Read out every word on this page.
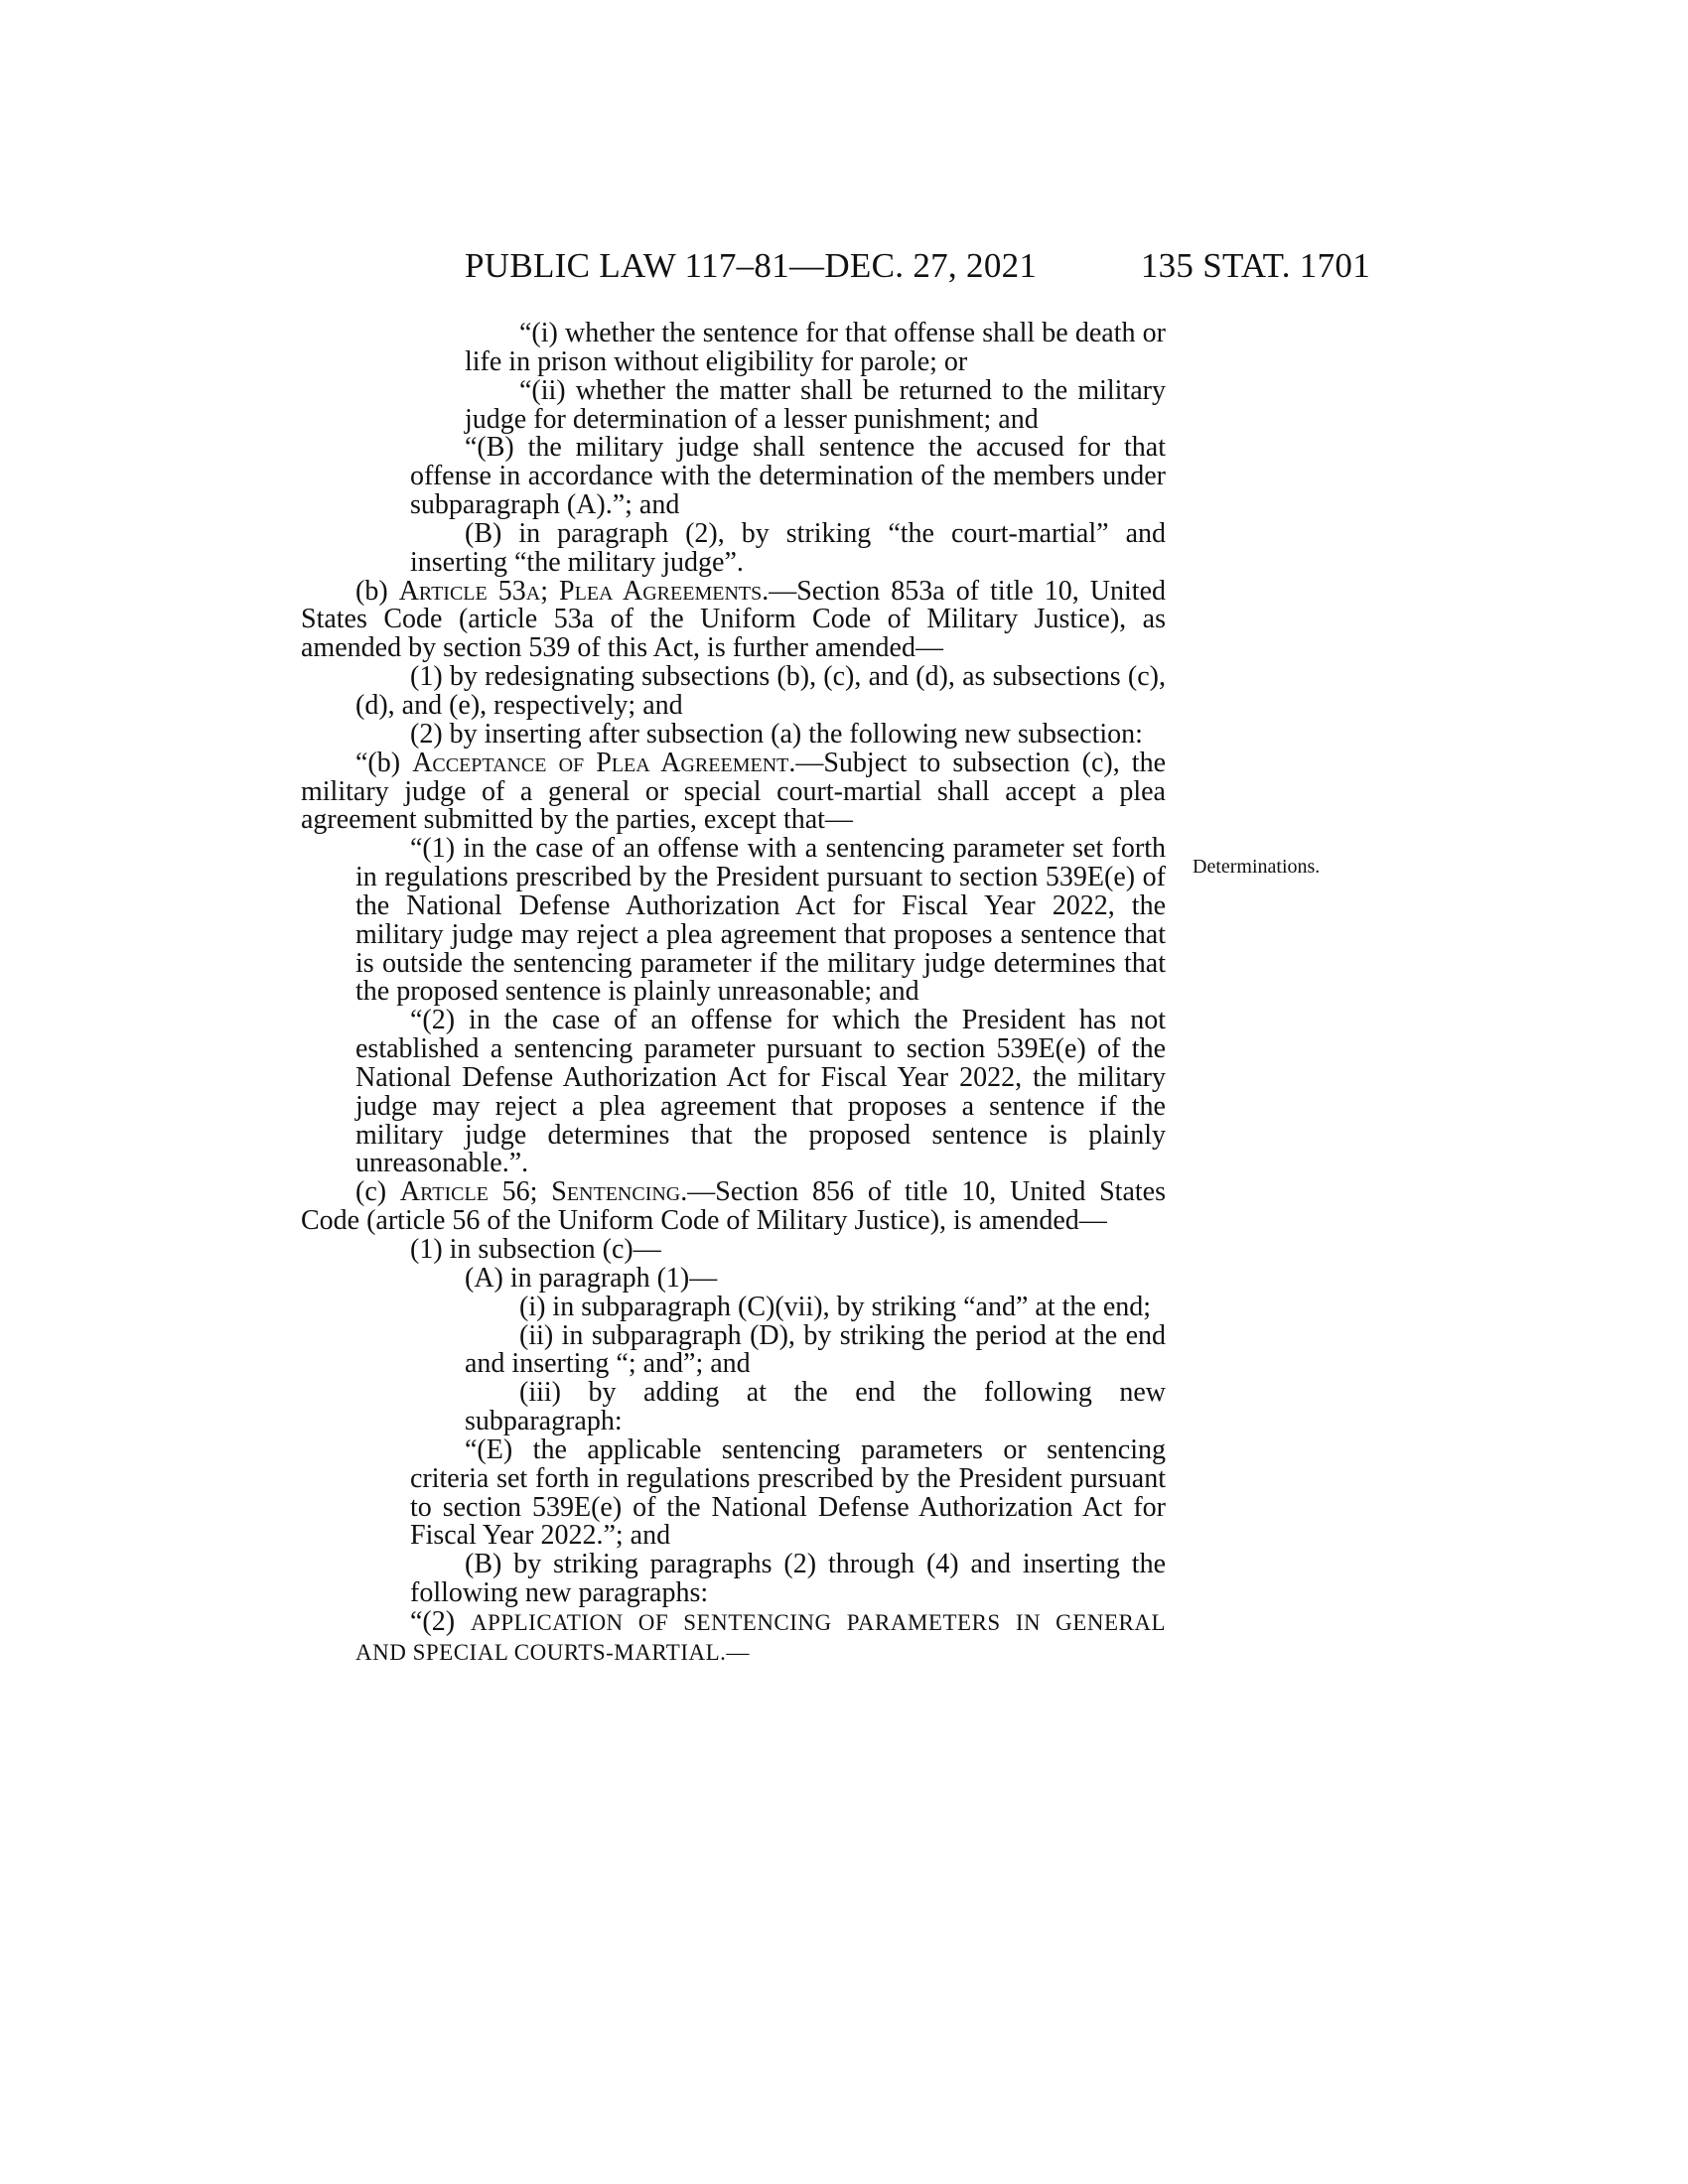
PUBLIC LAW 117–81—DEC. 27, 2021	135 STAT. 1701
Determinations.

“(i) whether the sentence for that offense shall be death or life in prison without eligibility for parole; or

“(ii) whether the matter shall be returned to the military judge for determination of a lesser punishment; and

“(B) the military judge shall sentence the accused for that offense in accordance with the determination of the members under subparagraph (A).”; and

(B) in paragraph (2), by striking “the court-martial” and inserting “the military judge”.

(b) Article 53a; Plea Agreements.—Section 853a of title 10, United States Code (article 53a of the Uniform Code of Military Justice), as amended by section 539 of this Act, is further amended—

(1) by redesignating subsections (b), (c), and (d), as subsections (c), (d), and (e), respectively; and

(2) by inserting after subsection (a) the following new subsection:

“(b) Acceptance of Plea Agreement.—Subject to subsection (c), the military judge of a general or special court-martial shall accept a plea agreement submitted by the parties, except that—

“(1) in the case of an offense with a sentencing parameter set forth in regulations prescribed by the President pursuant to section 539E(e) of the National Defense Authorization Act for Fiscal Year 2022, the military judge may reject a plea agreement that proposes a sentence that is outside the sentencing parameter if the military judge determines that the proposed sentence is plainly unreasonable; and

“(2) in the case of an offense for which the President has not established a sentencing parameter pursuant to section 539E(e) of the National Defense Authorization Act for Fiscal Year 2022, the military judge may reject a plea agreement that proposes a sentence if the military judge determines that the proposed sentence is plainly unreasonable.”.

(c) Article 56; Sentencing.—Section 856 of title 10, United States Code (article 56 of the Uniform Code of Military Justice), is amended—

(1) in subsection (c)—

(A) in paragraph (1)—

(i) in subparagraph (C)(vii), by striking “and” at the end;

(ii) in subparagraph (D), by striking the period at the end and inserting “; and”; and

(iii) by adding at the end the following new subparagraph:

“(E) the applicable sentencing parameters or sentencing criteria set forth in regulations prescribed by the President pursuant to section 539E(e) of the National Defense Authorization Act for Fiscal Year 2022.”; and

(B) by striking paragraphs (2) through (4) and inserting the following new paragraphs:

“(2) APPLICATION OF SENTENCING PARAMETERS IN GENERAL AND SPECIAL COURTS-MARTIAL.—
